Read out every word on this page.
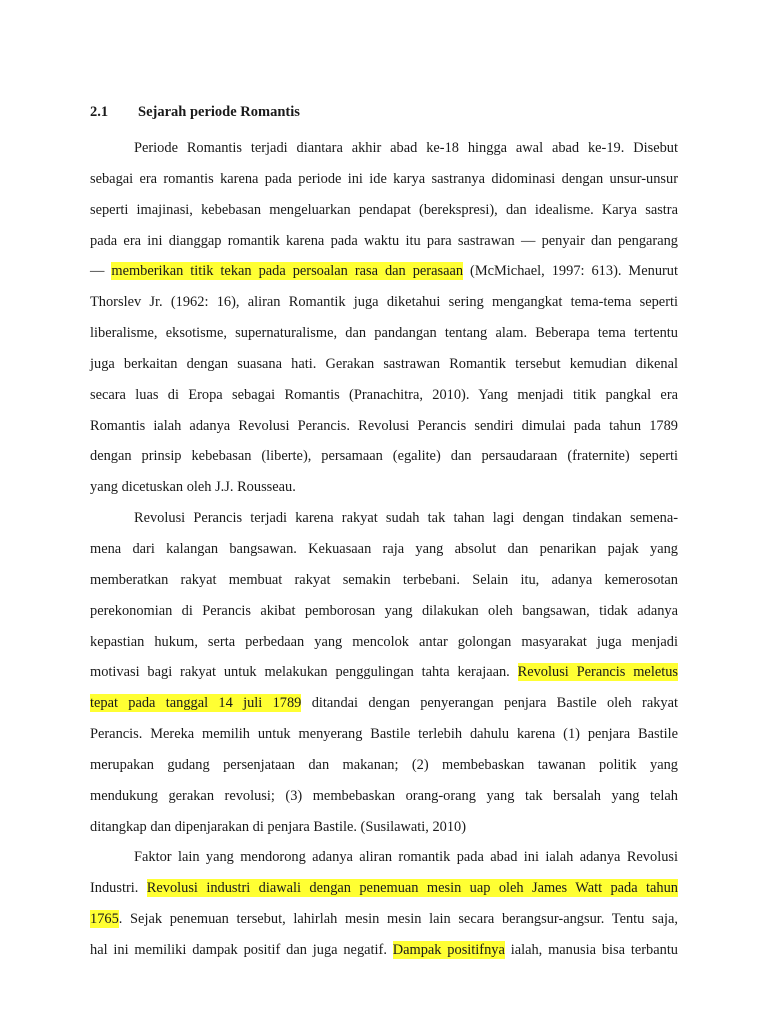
2.1 Sejarah periode Romantis
Periode Romantis terjadi diantara akhir abad ke-18 hingga awal abad ke-19. Disebut
sebagai era romantis karena pada periode ini ide karya sastranya didominasi dengan unsur-unsur
seperti imajinasi, kebebasan mengeluarkan pendapat (berekspresi), dan idealisme. Karya sastra
pada era ini dianggap romantik karena pada waktu itu para sastrawan — penyair dan pengarang
— memberikan titik tekan pada persoalan rasa dan perasaan (McMichael, 1997: 613). Menurut
Thorslev Jr. (1962: 16), aliran Romantik juga diketahui sering mengangkat tema-tema seperti
liberalisme, eksotisme, supernaturalisme, dan pandangan tentang alam. Beberapa tema tertentu
juga berkaitan dengan suasana hati. Gerakan sastrawan Romantik tersebut kemudian dikenal
secara luas di Eropa sebagai Romantis (Pranachitra, 2010). Yang menjadi titik pangkal era
Romantis ialah adanya Revolusi Perancis. Revolusi Perancis sendiri dimulai pada tahun 1789
dengan prinsip kebebasan (liberte), persamaan (egalite) dan persaudaraan (fraternite) seperti
yang dicetuskan oleh J.J. Rousseau.
Revolusi Perancis terjadi karena rakyat sudah tak tahan lagi dengan tindakan semena-
mena dari kalangan bangsawan. Kekuasaan raja yang absolut dan penarikan pajak yang
memberatkan rakyat membuat rakyat semakin terbebani. Selain itu, adanya kemerosotan
perekonomian di Perancis akibat pemborosan yang dilakukan oleh bangsawan, tidak adanya
kepastian hukum, serta perbedaan yang mencolok antar golongan masyarakat juga menjadi
motivasi bagi rakyat untuk melakukan penggulingan tahta kerajaan. Revolusi Perancis meletus
tepat pada tanggal 14 juli 1789 ditandai dengan penyerangan penjara Bastile oleh rakyat
Perancis. Mereka memilih untuk menyerang Bastile terlebih dahulu karena (1) penjara Bastile
merupakan gudang persenjataan dan makanan; (2) membebaskan tawanan politik yang
mendukung gerakan revolusi; (3) membebaskan orang-orang yang tak bersalah yang telah
ditangkap dan dipenjarakan di penjara Bastile. (Susilawati, 2010)
Faktor lain yang mendorong adanya aliran romantik pada abad ini ialah adanya Revolusi
Industri. Revolusi industri diawali dengan penemuan mesin uap oleh James Watt pada tahun
1765. Sejak penemuan tersebut, lahirlah mesin mesin lain secara berangsur-angsur. Tentu saja,
hal ini memiliki dampak positif dan juga negatif. Dampak positifnya ialah, manusia bisa terbantu
